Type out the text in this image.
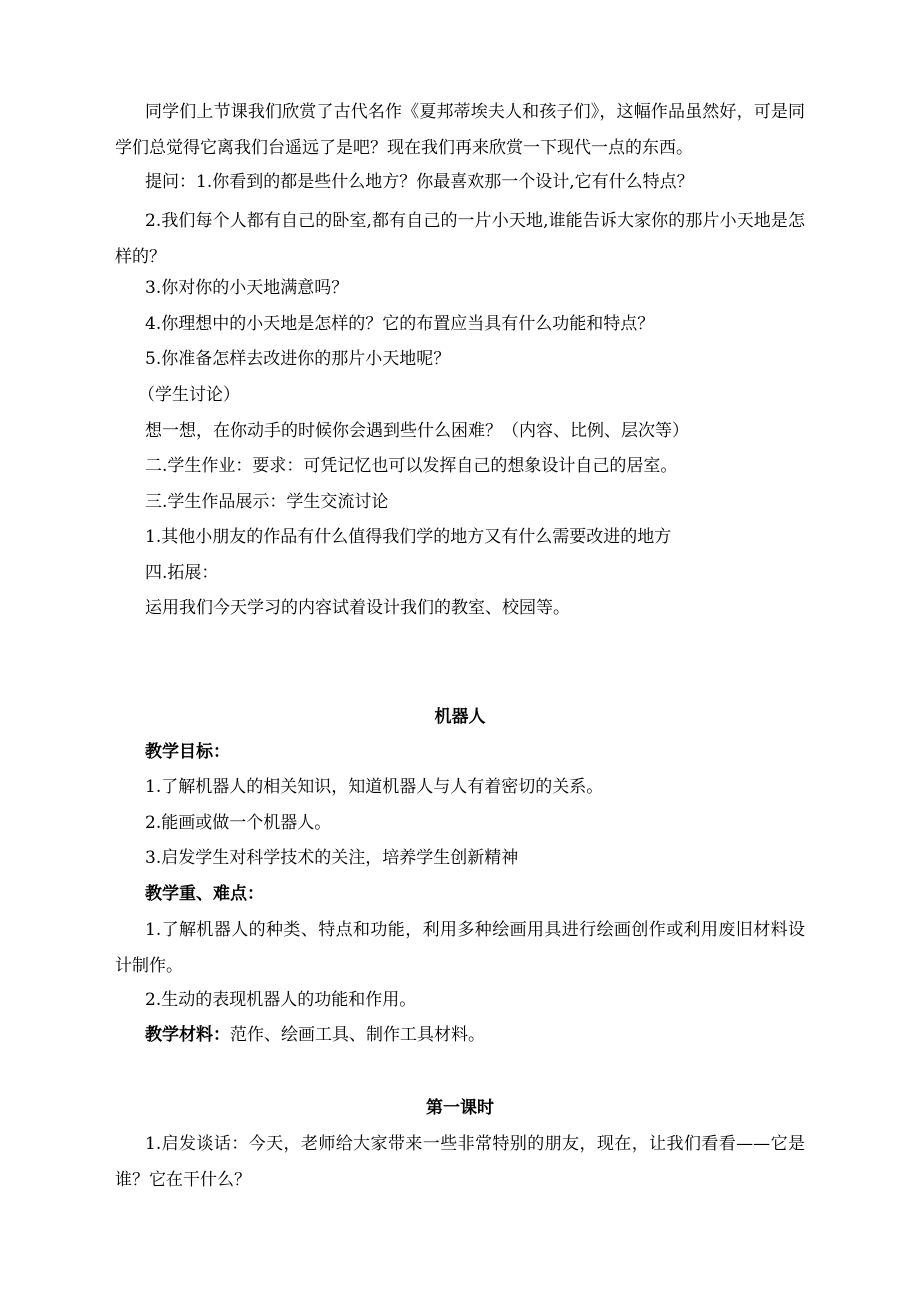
同学们上节课我们欣赏了古代名作《夏邦蒂埃夫人和孩子们》，这幅作品虽然好，可是同学们总觉得它离我们台遥远了是吧？现在我们再来欣赏一下现代一点的东西。
提问：1.你看到的都是些什么地方？你最喜欢那一个设计,它有什么特点？
2.我们每个人都有自己的卧室,都有自己的一片小天地,谁能告诉大家你的那片小天地是怎样的？
3.你对你的小天地满意吗？
4.你理想中的小天地是怎样的？它的布置应当具有什么功能和特点？
5.你准备怎样去改进你的那片小天地呢？
（学生讨论）
想一想，在你动手的时候你会遇到些什么困难？（内容、比例、层次等）
二.学生作业：要求：可凭记忆也可以发挥自己的想象设计自己的居室。
三.学生作品展示：学生交流讨论
1.其他小朋友的作品有什么值得我们学的地方又有什么需要改进的地方
四.拓展：
运用我们今天学习的内容试着设计我们的教室、校园等。
机器人
教学目标：
1.了解机器人的相关知识，知道机器人与人有着密切的关系。
2.能画或做一个机器人。
3.启发学生对科学技术的关注，培养学生创新精神
教学重、难点：
1.了解机器人的种类、特点和功能，利用多种绘画用具进行绘画创作或利用废旧材料设计制作。
2.生动的表现机器人的功能和作用。
教学材料：范作、绘画工具、制作工具材料。
第一课时
1.启发谈话：今天，老师给大家带来一些非常特别的朋友，现在，让我们看看——它是谁？它在干什么？
